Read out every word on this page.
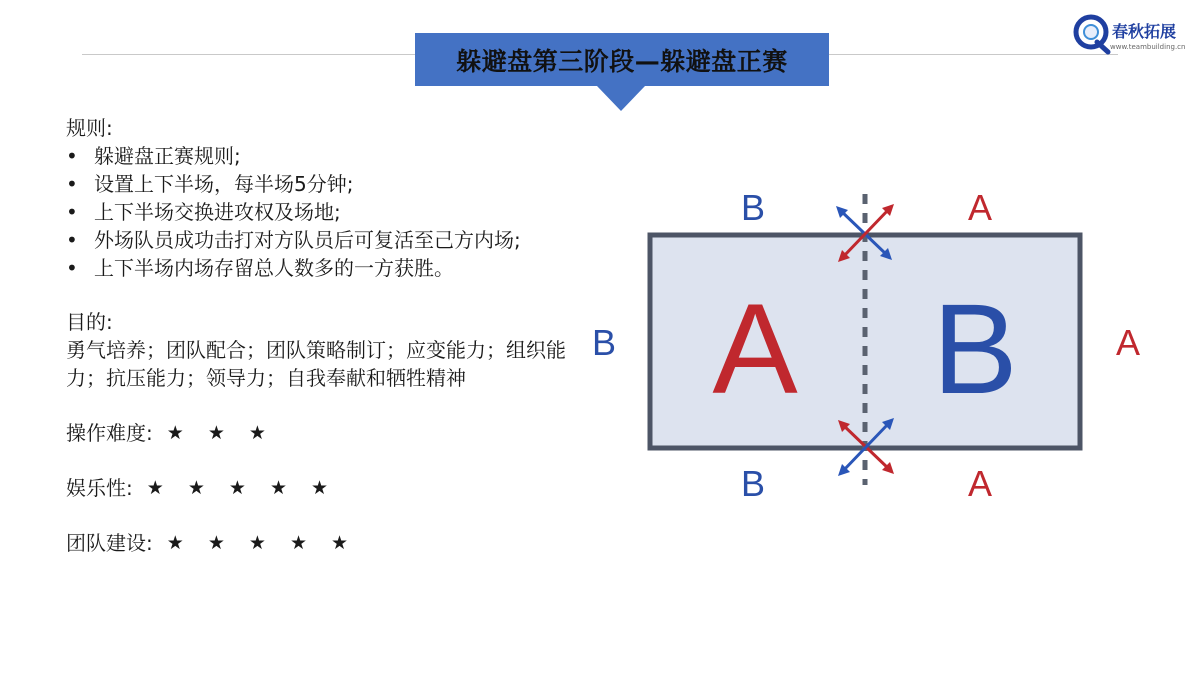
躲避盘第三阶段—躲避盘正赛
春秋拓展
www.teambuilding.cn

规则:

• 躲避盘正赛规则;
• 设置上下半场，每半场5分钟;
• 上下半场交换进攻权及场地;
• 外场队员成功击打对方队员后可复活至己方内场;
• 上下半场内场存留总人数多的一方获胜。

目的:

勇气培养；团队配合；团队策略制订；应变能力；组织能力；抗压能力；领导力；自我奉献和牺牲精神

操作难度: ★ ★ ★

娱乐性: ★ ★ ★ ★ ★

团队建设: ★ ★ ★ ★ ★

A B
B	A
B	A
B	A
